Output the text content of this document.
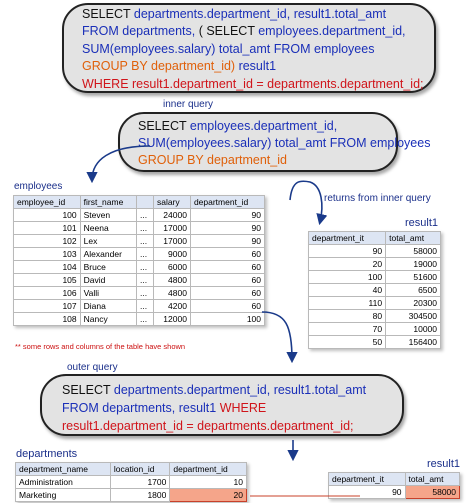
SELECT departments.department_id, result1.total_amt
FROM departments, ( SELECT employees.department_id,
SUM(employees.salary) total_amt FROM employees
GROUP BY department_id) result1
WHERE result1.department_id = departments.department_id;
inner query
SELECT employees.department_id,
SUM(employees.salary) total_amt FROM employees
GROUP BY department_id
employees
employee_id	first_name		salary	department_id
100	Steven	...	24000	90
101	Neena	...	17000	90
102	Lex	...	17000	90
103	Alexander	...	9000	60
104	Bruce	...	6000	60
105	David	...	4800	60
106	Valli	...	4800	60
107	Diana	...	4200	60
108	Nancy	...	12000	100
** some rows and columns of the table have shown
returns from inner query
result1
department_it	total_amt
90	58000
20	19000
100	51600
40	6500
110	20300
80	304500
70	10000
50	156400
outer query
SELECT departments.department_id, result1.total_amt
FROM departments, result1 WHERE
result1.department_id = departments.department_id;
departments
department_name	location_id	department_id
Administration	1700	10
Marketing	1800	20
result1
department_it	total_amt
90	58000
